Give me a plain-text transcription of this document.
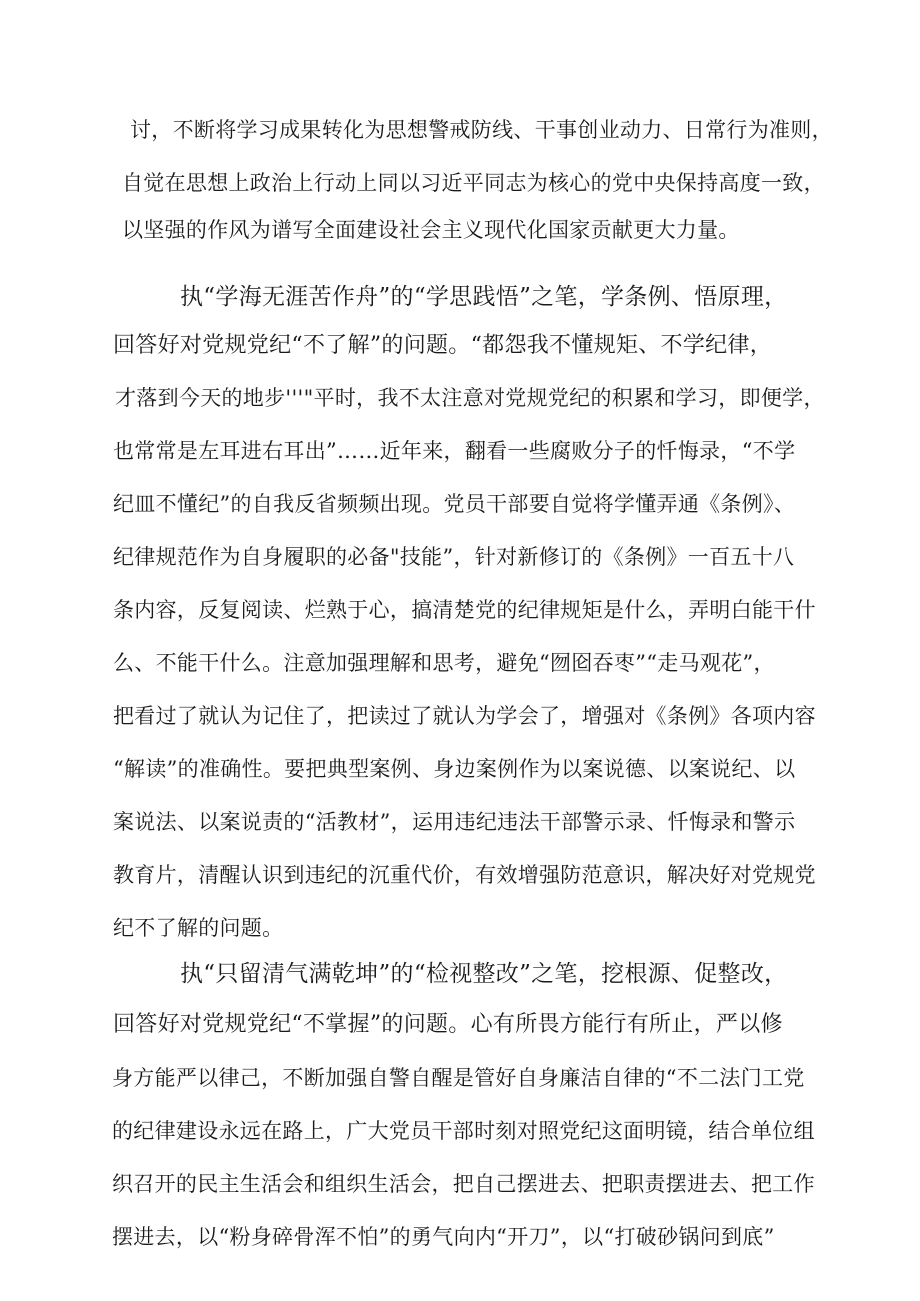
讨，不断将学习成果转化为思想警戒防线、干事创业动力、日常行为准则，
自觉在思想上政治上行动上同以习近平同志为核心的党中央保持高度一致，
以坚强的作风为谱写全面建设社会主义现代化国家贡献更大力量。
执“学海无涯苦作舟”的“学思践悟”之笔，学条例、悟原理，
回答好对党规党纪“不了解”的问题。“都怨我不懂规矩、不学纪律，
才落到今天的地步'''"平时，我不太注意对党规党纪的积累和学习，即便学，
也常常是左耳进右耳出”……近年来，翻看一些腐败分子的忏悔录，“不学
纪皿不懂纪”的自我反省频频出现。党员干部要自觉将学懂弄通《条例》、
纪律规范作为自身履职的必备"技能”，针对新修订的《条例》一百五十八
条内容，反复阅读、烂熟于心，搞清楚党的纪律规矩是什么，弄明白能干什
么、不能干什么。注意加强理解和思考，避免“囫囵吞枣”“走马观花”，
把看过了就认为记住了，把读过了就认为学会了，增强对《条例》各项内容
“解读”的准确性。要把典型案例、身边案例作为以案说德、以案说纪、以
案说法、以案说责的“活教材”，运用违纪违法干部警示录、忏悔录和警示
教育片，清醒认识到违纪的沉重代价，有效增强防范意识，解决好对党规党
纪不了解的问题。
执“只留清气满乾坤”的“检视整改”之笔，挖根源、促整改，
回答好对党规党纪“不掌握”的问题。心有所畏方能行有所止，严以修
身方能严以律己，不断加强自警自醒是管好自身廉洁自律的“不二法门工党
的纪律建设永远在路上，广大党员干部时刻对照党纪这面明镜，结合单位组
织召开的民主生活会和组织生活会，把自己摆进去、把职责摆进去、把工作
摆进去，以“粉身碎骨浑不怕”的勇气向内“开刀”，以“打破砂锅问到底”
